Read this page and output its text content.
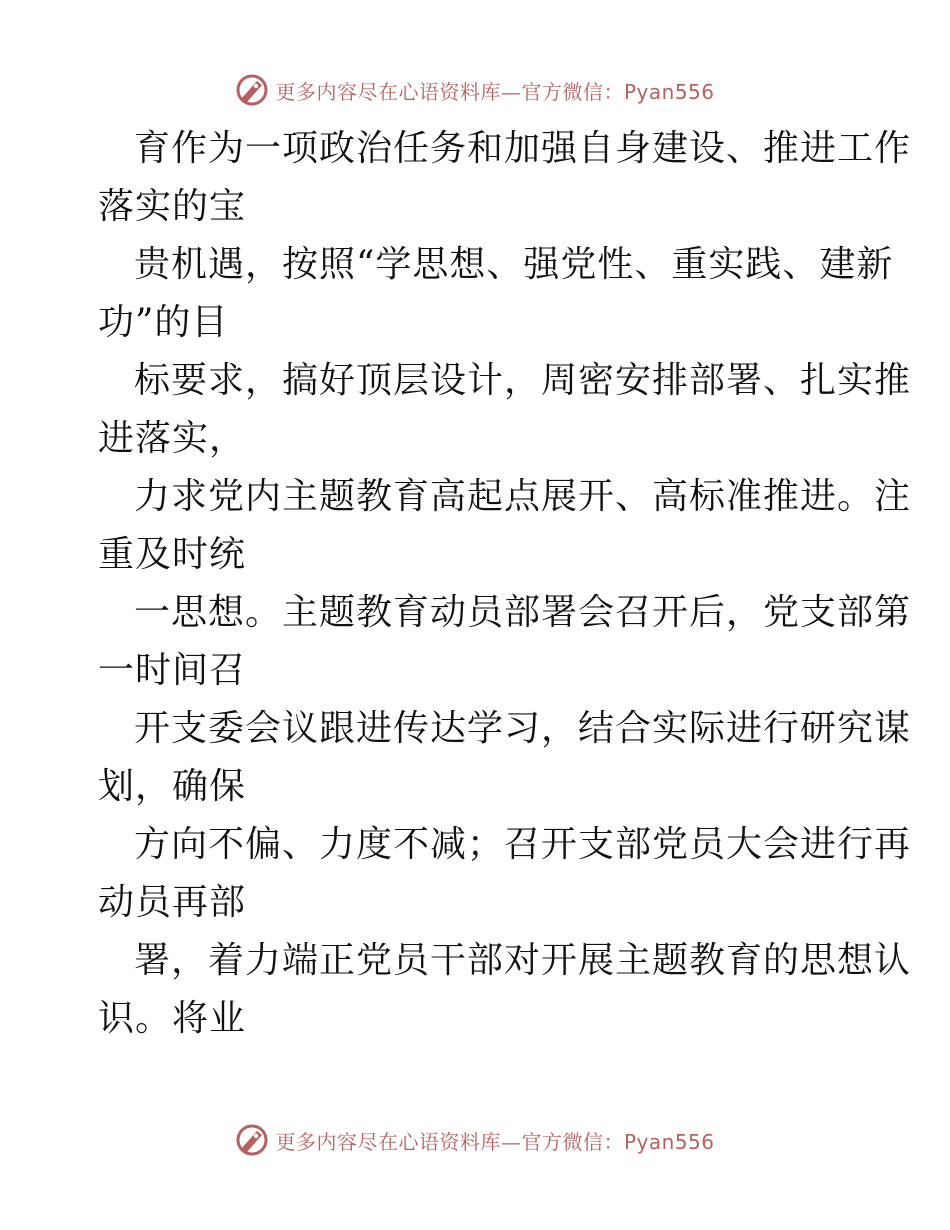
更多内容尽在心语资料库—官方微信：Pyan556
育作为一项政治任务和加强自身建设、推进工作
落实的宝
贵机遇，按照“学思想、强党性、重实践、建新
功”的目
标要求，搞好顶层设计，周密安排部署、扎实推
进落实，
力求党内主题教育高起点展开、高标准推进。注
重及时统
一思想。主题教育动员部署会召开后，党支部第
一时间召
开支委会议跟进传达学习，结合实际进行研究谋
划，确保
方向不偏、力度不减；召开支部党员大会进行再
动员再部
署，着力端正党员干部对开展主题教育的思想认
识。将业
更多内容尽在心语资料库—官方微信：Pyan556
